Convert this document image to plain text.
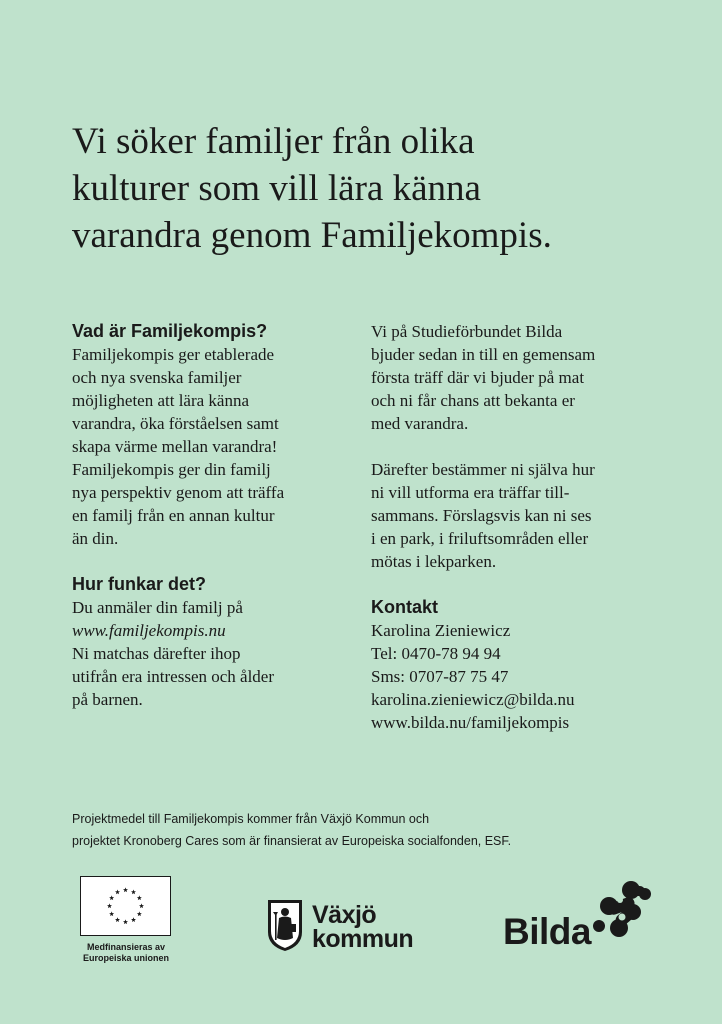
Vi söker familjer från olika
kulturer som vill lära känna
varandra genom Familjekompis.
Vad är Familjekompis?

Familjekompis ger etablerade
och nya svenska familjer
möjligheten att lära känna
varandra, öka förståelsen samt
skapa värme mellan varandra!
Familjekompis ger din familj
nya perspektiv genom att träffa
en familj från en annan kultur
än din.

Hur funkar det?

Du anmäler din familj på
www.familjekompis.nu
Ni matchas därefter ihop
utifrån era intressen och ålder
på barnen.

Vi på Studieförbundet Bilda
bjuder sedan in till en gemensam
första träff där vi bjuder på mat
och ni får chans att bekanta er
med varandra.

Därefter bestämmer ni själva hur
ni vill utforma era träffar till-
sammans. Förslagsvis kan ni ses
i en park, i friluftsområden eller
mötas i lekparken.

Kontakt

Karolina Zieniewicz
Tel: 0470-78 94 94
Sms: 0707-87 75 47
karolina.zieniewicz@bilda.nu
www.bilda.nu/familjekompis

Projektmedel till Familjekompis kommer från Växjö Kommun och
projektet Kronoberg Cares som är finansierat av Europeiska socialfonden, ESF.
Medfinansieras av
Europeiska unionen
Växjö
kommun Bilda
